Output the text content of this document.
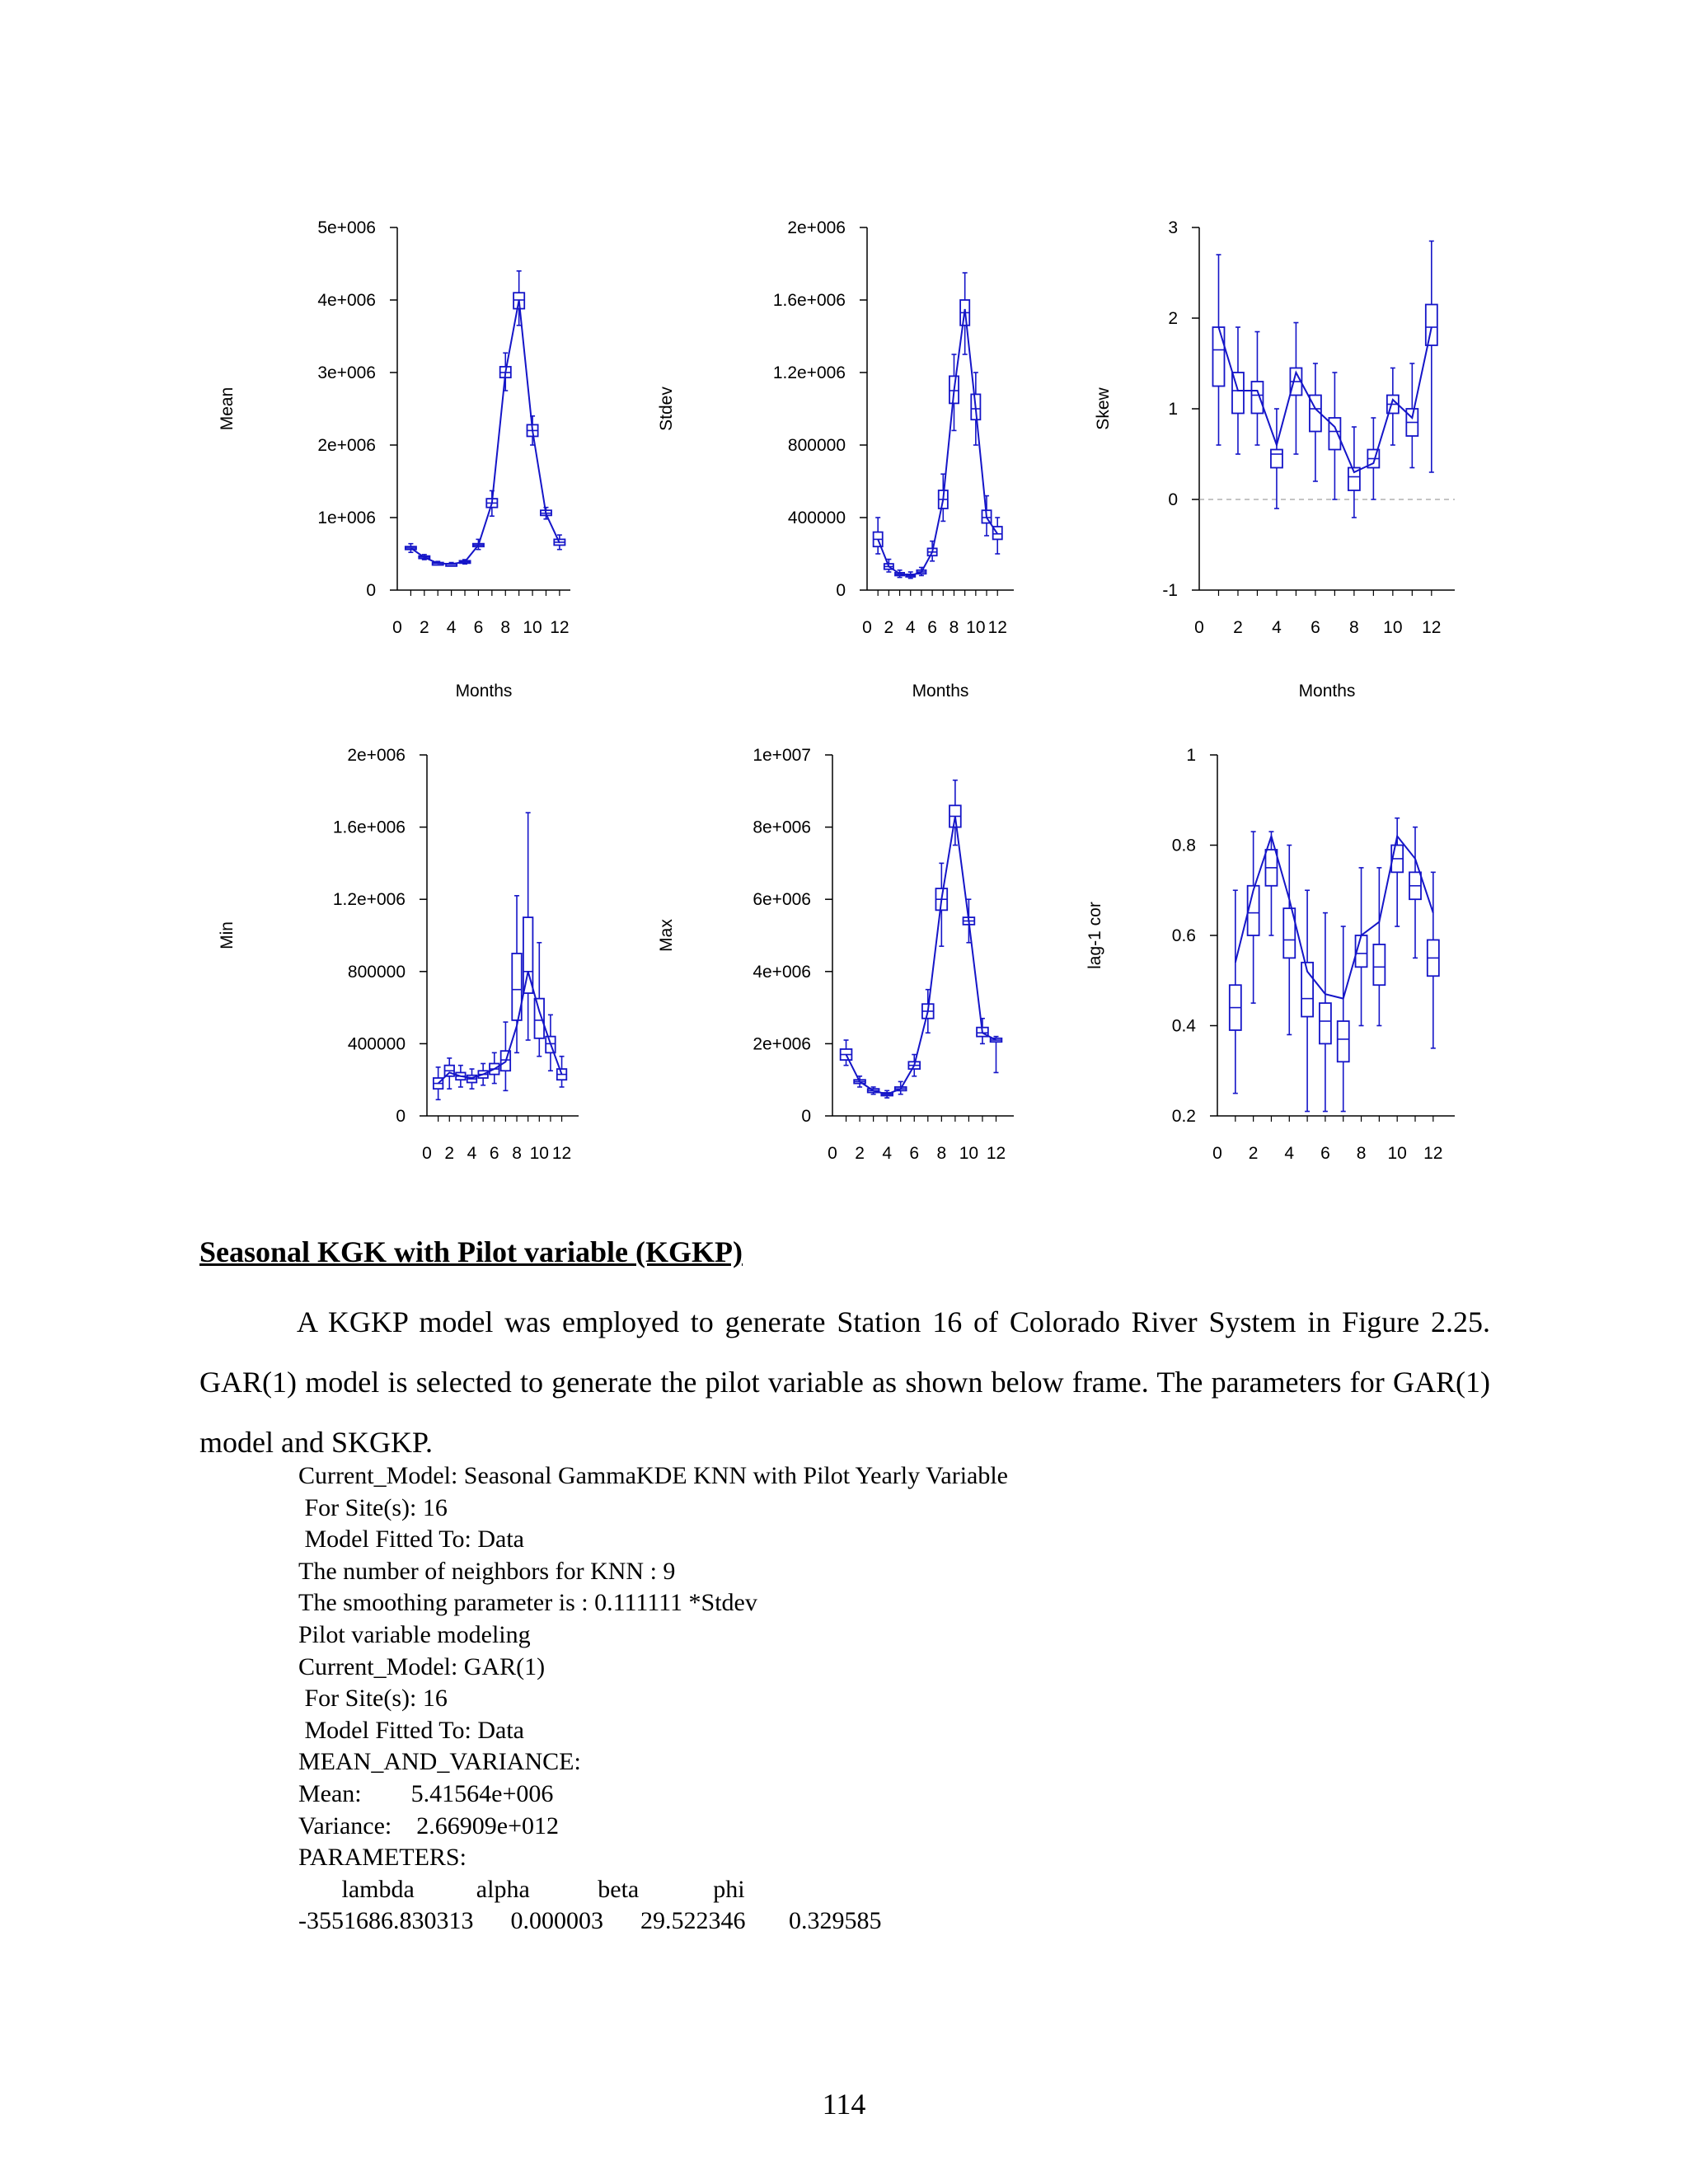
0
1e+006
2e+006
3e+006
4e+006
5e+006
0 2 4 6 8 10 12
Mean
Months
0
400000
800000
1.2e+006
1.6e+006
2e+006
0 2 4 6 8 10 12
Stdev
Months
-1
0
1
2
3
0 2 4 6 8 10 12
Skew
Months
0
400000
800000
1.2e+006
1.6e+006
2e+006
0 2 4 6 8 10 12
Min
0
2e+006
4e+006
6e+006
8e+006
1e+007
0 2 4 6 8 10 12
Max
0.2
0.4
0.6
0.8
1
0 2 4 6 8 10 12
lag-1 cor
Seasonal KGK with Pilot variable (KGKP)

A KGKP model was employed to generate Station 16 of Colorado River System in Figure 2.25. GAR(1) model is selected to generate the pilot variable as shown below frame. The parameters for GAR(1) model and SKGKP.

Current_Model: Seasonal GammaKDE KNN with Pilot Yearly Variable
For Site(s): 16
Model Fitted To: Data
The number of neighbors for KNN : 9
The smoothing parameter is : 0.111111 *Stdev
Pilot variable modeling
Current_Model: GAR(1)
For Site(s): 16
Model Fitted To: Data
MEAN_AND_VARIANCE:
Mean:        5.41564e+006
Variance:    2.66909e+012
PARAMETERS:
lambda          alpha           beta            phi
-3551686.830313      0.000003      29.522346       0.329585

114
